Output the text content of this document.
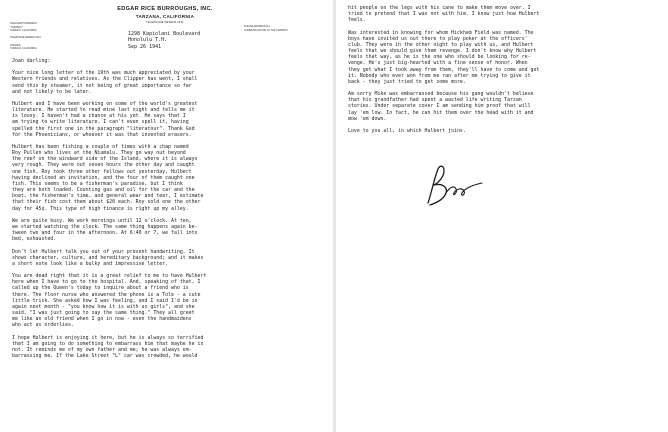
TELEGRAPH ADDRESS:
"TARZANA"
TARZANA, CALIFORNIA

TELEPHONE RESEDA 2431

OFFICES:
TARZANA, CALIFORNIA
EDGAR RICE BURROUGHS, INC.
TARZANA, CALIFORNIA
TELEPHONE RESEDA 2431
PLEASE ADDRESS ALL
COMMUNICATIONS TO THE COMPANY
1298 Kapiolani Boulevard
Honolulu T.H.
Sep 26 1941

Joan darling:

Your nice long letter of the 19th was much appreciated by your
Western friends and relatives. As the Clipper has went, I shall
send this by steamer, it not being of great importance so far
and not likely to be later.

Hulbert and I have been working on some of the world's greatest
literature. He started to read mine last night and tells me it
is lousy. I haven't had a chance at his yet. He says that I
am trying to write literature. I can't even spell it, having
spelled the first one in the paragraph "literatour". Thank God
for the Phoenicians, or whoever it was that invented erasers.

Hulbert has been fishing a couple of times with a chap named
Roy Pullen who lives at the Niumalu. They go way out beyond
the reef on the windward side of the Island, where it is always
very rough. They were out seven hours the other day and caught
one fish. Roy took three other fellows out yesterday, Hulbert
having declined an invitation, and the four of them caught one
fish. This seems to be a fisherman's paradise, but I think
they are both loaded. Counting gas and oil for the car and the
boat, the fisherman's time, and general wear and tear, I estimate
that their fish cost them about $20 each. Roy sold one the other
day for 45¢. This type of high finance is right up my alley.

We are quite busy. We work mornings until 12 o'clock. At ten,
we started watching the clock. The same thing happens again be-
tween two and four in the afternoon. At 6:40 or 7, we fall into
bed, exhausted.

Don't let Hulbert talk you out of your present handwriting. It
shows character, culture, and hereditary background; and it makes
a short note look like a bulky and impressive letter.

You are dead right that it is a great relief to me to have Hulbert
here when I have to go to the hospital. And, speaking of that, I
called up the Queen's today to inquire about a friend who is
there. The floor nurse who answered the phone is a Tole - a cute
little trick. She asked how I was feeling, and I said I'd be in
again next month - "you know how it is with us girls", and she
said, "I was just going to say the same thing." They all greet
me like an old friend when I go in now - even the handmaidens
who act as orderlies.

I hope Hulbert is enjoying it here, but he is always so terrified
that I am going to do something to embarrass him that maybe he is
not. It reminds me of my own father and me; he was always em-
barrassing me. If the Lake Street "L" car was crowded, he would

hit people on the legs with his cane to make them move over. I
tried to pretend that I was not with him. I know just how Hulbert
feels.

Was interested in knowing for whom Hickham Field was named. The
boys have invited us out there to play poker at the officers'
club. They were in the other night to play with us, and Hulbert
feels that we should give them revenge. I don't know why Hulbert
feels that way, as he is the one who should be looking for re-
venge. He's just big-hearted with a fine sense of honor. When
they get what I took away from them, they'll have to come and get
it. Nobody who ever won from me ran after me trying to give it
back - they just tried to get some more.

Am sorry Mike was embarrassed because his gang wouldn't believe
that his grandfather had spent a wasted life writing Tarzan
stories. Under separate cover I am sending him proof that will
lay 'em low. In fact, he can hit them over the head with it and
mow 'em down.

Love to you all, in which Hulbert joins.
